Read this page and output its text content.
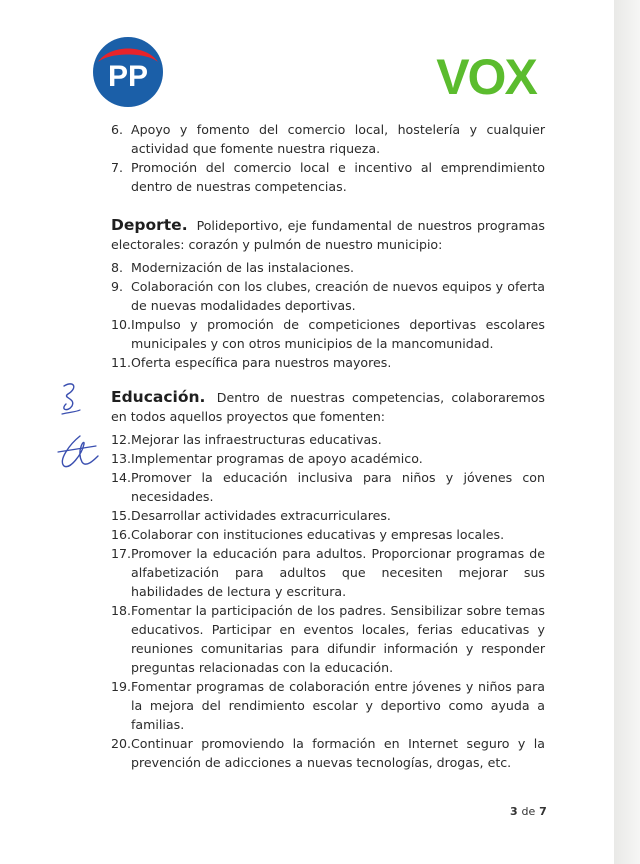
PP	VOX
6. Apoyo y fomento del comercio local, hostelería y cualquier actividad que fomente nuestra riqueza.
7. Promoción del comercio local e incentivo al emprendimiento dentro de nuestras competencias.
Deporte. Polideportivo, eje fundamental de nuestros programas electorales: corazón y pulmón de nuestro municipio:
8. Modernización de las instalaciones.
9. Colaboración con los clubes, creación de nuevos equipos y oferta de nuevas modalidades deportivas.
10. Impulso y promoción de competiciones deportivas escolares municipales y con otros municipios de la mancomunidad.
11. Oferta específica para nuestros mayores.
Educación. Dentro de nuestras competencias, colaboraremos en todos aquellos proyectos que fomenten:
12. Mejorar las infraestructuras educativas.
13. Implementar programas de apoyo académico.
14. Promover la educación inclusiva para niños y jóvenes con necesidades.
15. Desarrollar actividades extracurriculares.
16. Colaborar con instituciones educativas y empresas locales.
17. Promover la educación para adultos. Proporcionar programas de alfabetización para adultos que necesiten mejorar sus habilidades de lectura y escritura.
18. Fomentar la participación de los padres. Sensibilizar sobre temas educativos. Participar en eventos locales, ferias educativas y reuniones comunitarias para difundir información y responder preguntas relacionadas con la educación.
19. Fomentar programas de colaboración entre jóvenes y niños para la mejora del rendimiento escolar y deportivo como ayuda a familias.
20. Continuar promoviendo la formación en Internet seguro y la prevención de adicciones a nuevas tecnologías, drogas, etc.
3 de 7
